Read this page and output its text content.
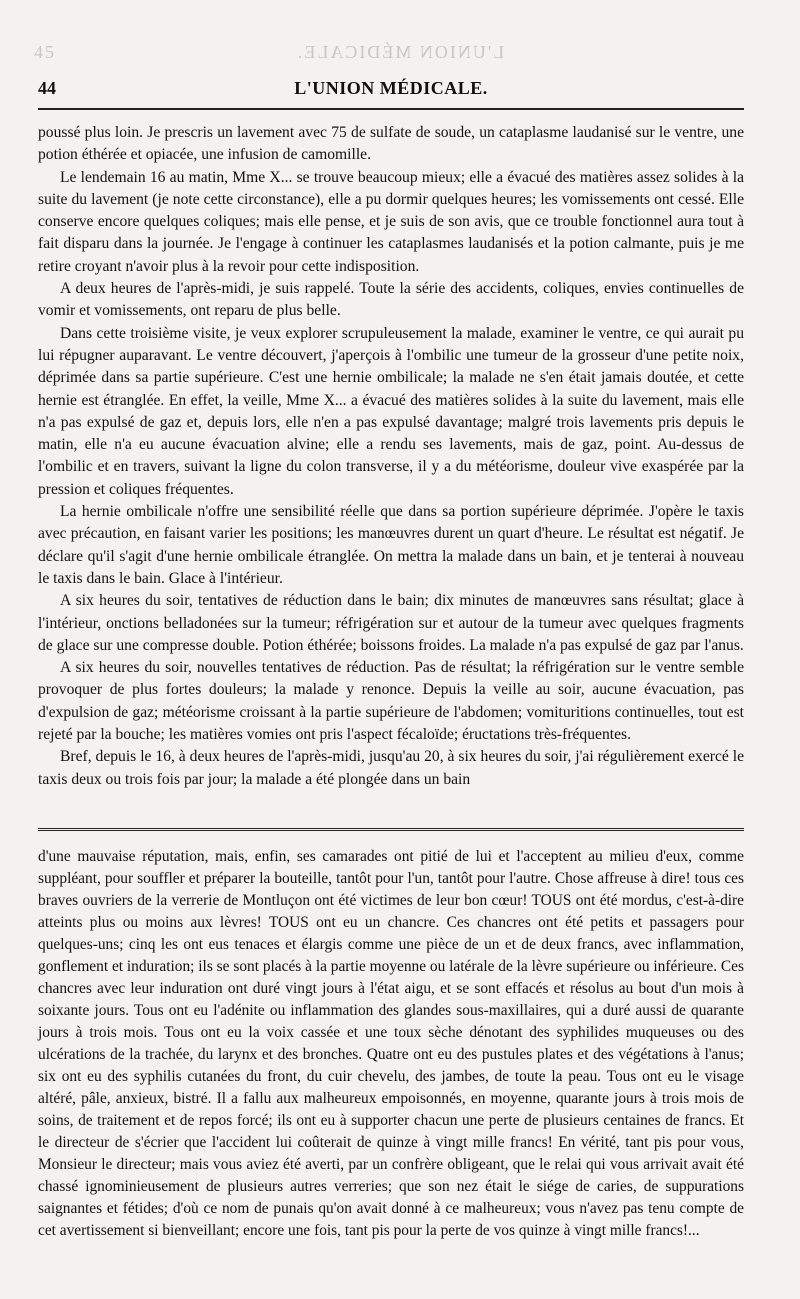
45	L'UNION MÉDICALE.
44	L'UNION MÉDICALE.

poussé plus loin. Je prescris un lavement avec 75 de sulfate de soude, un cataplasme laudanisé sur le ventre, une potion éthérée et opiacée, une infusion de camomille.

Le lendemain 16 au matin, Mme X... se trouve beaucoup mieux; elle a évacué des matières assez solides à la suite du lavement (je note cette circonstance), elle a pu dormir quelques heures; les vomissements ont cessé. Elle conserve encore quelques coliques; mais elle pense, et je suis de son avis, que ce trouble fonctionnel aura tout à fait disparu dans la journée. Je l'engage à continuer les cataplasmes laudanisés et la potion calmante, puis je me retire croyant n'avoir plus à la revoir pour cette indisposition.

A deux heures de l'après-midi, je suis rappelé. Toute la série des accidents, coliques, envies continuelles de vomir et vomissements, ont reparu de plus belle.

Dans cette troisième visite, je veux explorer scrupuleusement la malade, examiner le ventre, ce qui aurait pu lui répugner auparavant. Le ventre découvert, j'aperçois à l'ombilic une tumeur de la grosseur d'une petite noix, déprimée dans sa partie supérieure. C'est une hernie ombilicale; la malade ne s'en était jamais doutée, et cette hernie est étranglée. En effet, la veille, Mme X... a évacué des matières solides à la suite du lavement, mais elle n'a pas expulsé de gaz et, depuis lors, elle n'en a pas expulsé davantage; malgré trois lavements pris depuis le matin, elle n'a eu aucune évacuation alvine; elle a rendu ses lavements, mais de gaz, point. Au-dessus de l'ombilic et en travers, suivant la ligne du colon transverse, il y a du météorisme, douleur vive exaspérée par la pression et coliques fréquentes.

La hernie ombilicale n'offre une sensibilité réelle que dans sa portion supérieure déprimée. J'opère le taxis avec précaution, en faisant varier les positions; les manœuvres durent un quart d'heure. Le résultat est négatif. Je déclare qu'il s'agit d'une hernie ombilicale étranglée. On mettra la malade dans un bain, et je tenterai à nouveau le taxis dans le bain. Glace à l'intérieur.

A six heures du soir, tentatives de réduction dans le bain; dix minutes de manœuvres sans résultat; glace à l'intérieur, onctions belladonées sur la tumeur; réfrigération sur et autour de la tumeur avec quelques fragments de glace sur une compresse double. Potion éthérée; boissons froides. La malade n'a pas expulsé de gaz par l'anus.

A six heures du soir, nouvelles tentatives de réduction. Pas de résultat; la réfrigération sur le ventre semble provoquer de plus fortes douleurs; la malade y renonce. Depuis la veille au soir, aucune évacuation, pas d'expulsion de gaz; météorisme croissant à la partie supérieure de l'abdomen; vomituritions continuelles, tout est rejeté par la bouche; les matières vomies ont pris l'aspect fécaloïde; éructations très-fréquentes.

Bref, depuis le 16, à deux heures de l'après-midi, jusqu'au 20, à six heures du soir, j'ai régulièrement exercé le taxis deux ou trois fois par jour; la malade a été plongée dans un bain

d'une mauvaise réputation, mais, enfin, ses camarades ont pitié de lui et l'acceptent au milieu d'eux, comme suppléant, pour souffler et préparer la bouteille, tantôt pour l'un, tantôt pour l'autre. Chose affreuse à dire! tous ces braves ouvriers de la verrerie de Montluçon ont été victimes de leur bon cœur! TOUS ont été mordus, c'est-à-dire atteints plus ou moins aux lèvres! TOUS ont eu un chancre. Ces chancres ont été petits et passagers pour quelques-uns; cinq les ont eus tenaces et élargis comme une pièce de un et de deux francs, avec inflammation, gonflement et induration; ils se sont placés à la partie moyenne ou latérale de la lèvre supérieure ou inférieure. Ces chancres avec leur induration ont duré vingt jours à l'état aigu, et se sont effacés et résolus au bout d'un mois à soixante jours. Tous ont eu l'adénite ou inflammation des glandes sous-maxillaires, qui a duré aussi de quarante jours à trois mois. Tous ont eu la voix cassée et une toux sèche dénotant des syphilides muqueuses ou des ulcérations de la trachée, du larynx et des bronches. Quatre ont eu des pustules plates et des végétations à l'anus; six ont eu des syphilis cutanées du front, du cuir chevelu, des jambes, de toute la peau. Tous ont eu le visage altéré, pâle, anxieux, bistré. Il a fallu aux malheureux empoisonnés, en moyenne, quarante jours à trois mois de soins, de traitement et de repos forcé; ils ont eu à supporter chacun une perte de plusieurs centaines de francs. Et le directeur de s'écrier que l'accident lui coûterait de quinze à vingt mille francs! En vérité, tant pis pour vous, Monsieur le directeur; mais vous aviez été averti, par un confrère obligeant, que le relai qui vous arrivait avait été chassé ignominieusement de plusieurs autres verreries; que son nez était le siége de caries, de suppurations saignantes et fétides; d'où ce nom de punais qu'on avait donné à ce malheureux; vous n'avez pas tenu compte de cet avertissement si bienveillant; encore une fois, tant pis pour la perte de vos quinze à vingt mille francs!...
